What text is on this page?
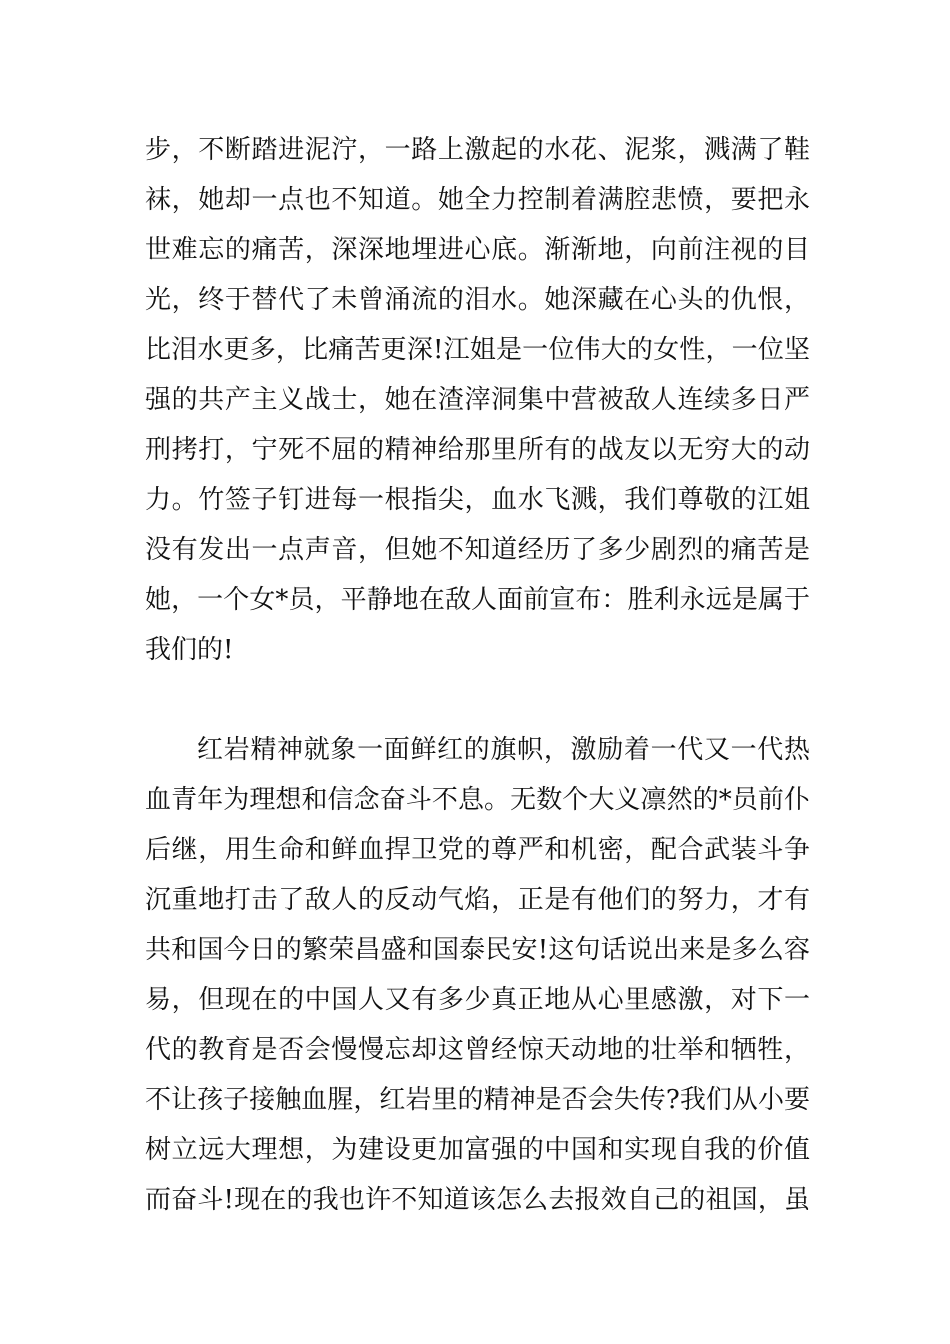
步，不断踏进泥泞，一路上激起的水花、泥浆，溅满了鞋
袜，她却一点也不知道。她全力控制着满腔悲愤，要把永
世难忘的痛苦，深深地埋进心底。渐渐地，向前注视的目
光，终于替代了未曾涌流的泪水。她深藏在心头的仇恨，
比泪水更多，比痛苦更深!江姐是一位伟大的女性，一位坚
强的共产主义战士，她在渣滓洞集中营被敌人连续多日严
刑拷打，宁死不屈的精神给那里所有的战友以无穷大的动
力。竹签子钉进每一根指尖，血水飞溅，我们尊敬的江姐
没有发出一点声音，但她不知道经历了多少剧烈的痛苦是
她，一个女*员，平静地在敌人面前宣布：胜利永远是属于
我们的!
红岩精神就象一面鲜红的旗帜，激励着一代又一代热
血青年为理想和信念奋斗不息。无数个大义凛然的*员前仆
后继，用生命和鲜血捍卫党的尊严和机密，配合武装斗争
沉重地打击了敌人的反动气焰，正是有他们的努力，才有
共和国今日的繁荣昌盛和国泰民安!这句话说出来是多么容
易，但现在的中国人又有多少真正地从心里感激，对下一
代的教育是否会慢慢忘却这曾经惊天动地的壮举和牺牲，
不让孩子接触血腥，红岩里的精神是否会失传?我们从小要
树立远大理想，为建设更加富强的中国和实现自我的价值
而奋斗!现在的我也许不知道该怎么去报效自己的祖国，虽
